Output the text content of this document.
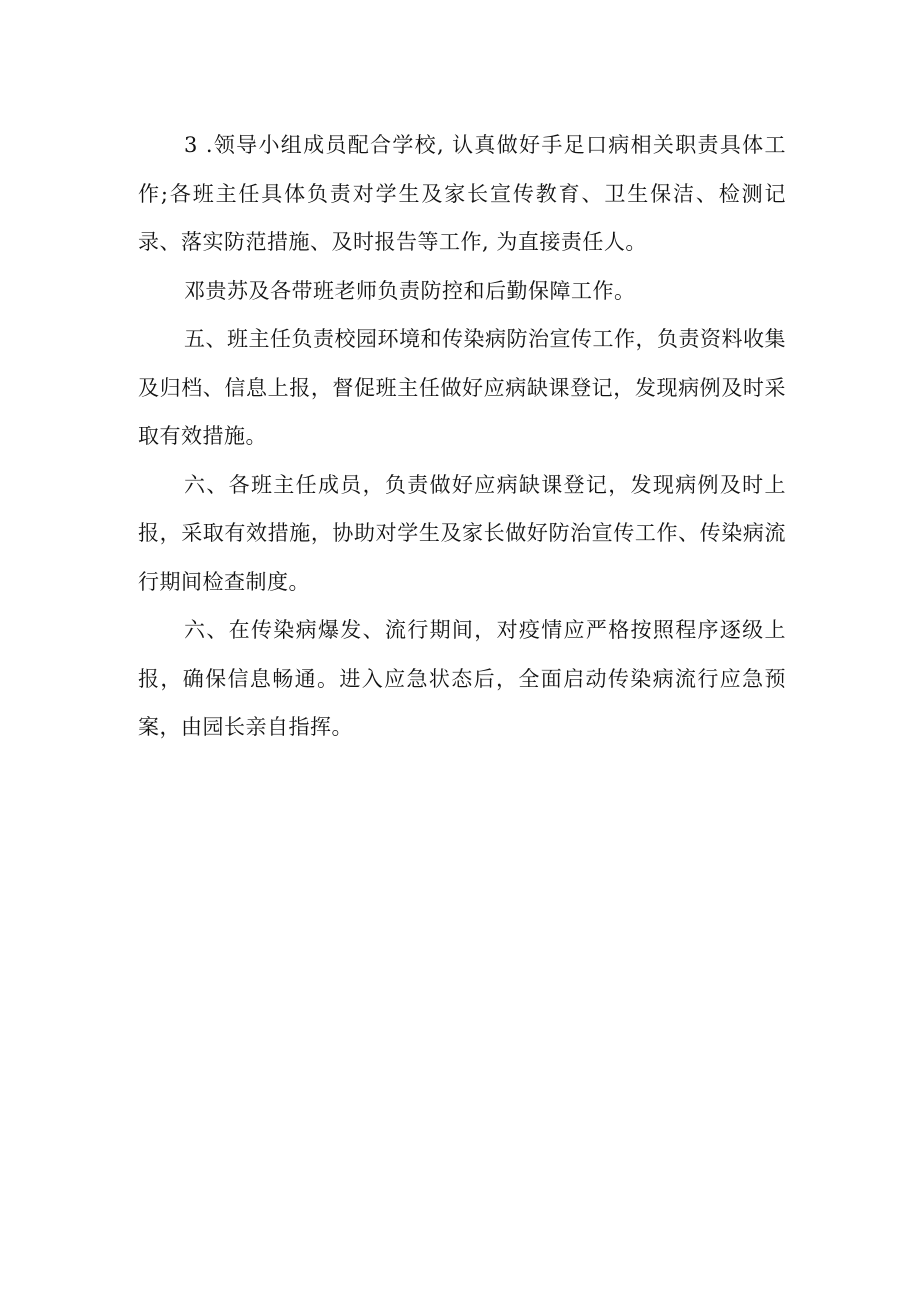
3 .领导小组成员配合学校, 认真做好手足口病相关职责具体工作;各班主任具体负责对学生及家长宣传教育、卫生保洁、检测记录、落实防范措施、及时报告等工作, 为直接责任人。

邓贵苏及各带班老师负责防控和后勤保障工作。

五、班主任负责校园环境和传染病防治宣传工作，负责资料收集及归档、信息上报，督促班主任做好应病缺课登记，发现病例及时采取有效措施。

六、各班主任成员，负责做好应病缺课登记，发现病例及时上报，采取有效措施，协助对学生及家长做好防治宣传工作、传染病流行期间检查制度。

六、在传染病爆发、流行期间，对疫情应严格按照程序逐级上报，确保信息畅通。进入应急状态后，全面启动传染病流行应急预案，由园长亲自指挥。
